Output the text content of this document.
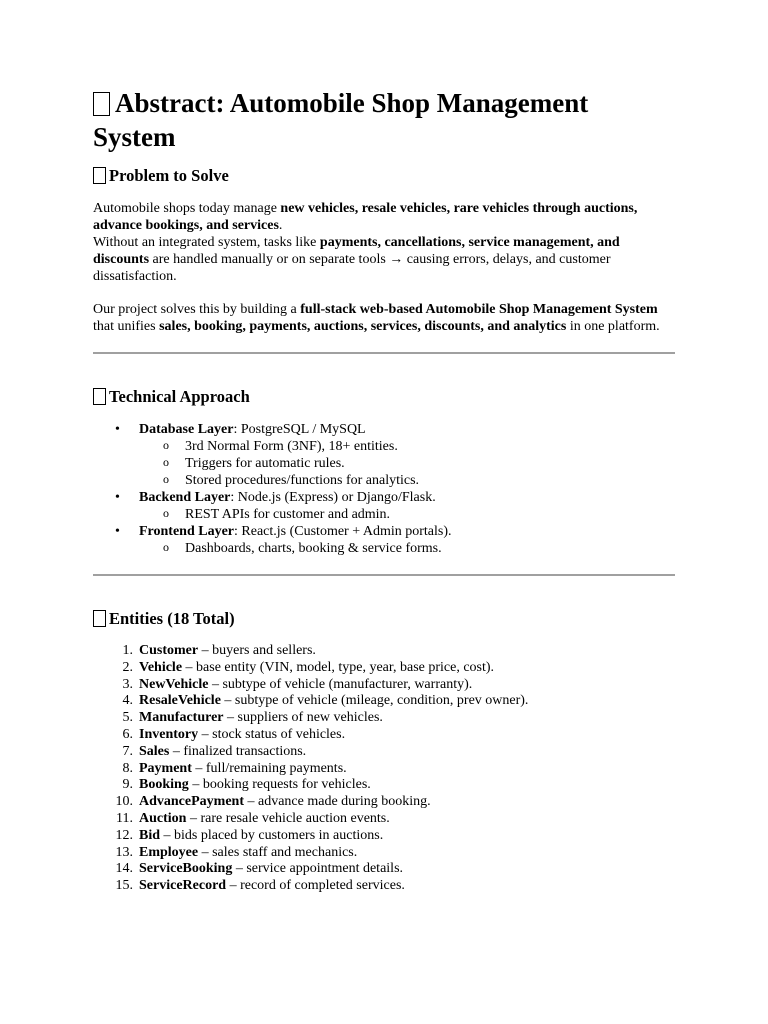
Abstract: Automobile Shop Management System
Problem to Solve

Automobile shops today manage new vehicles, resale vehicles, rare vehicles through auctions, advance bookings, and services.
Without an integrated system, tasks like payments, cancellations, service management, and discounts are handled manually or on separate tools → causing errors, delays, and customer dissatisfaction.

Our project solves this by building a full-stack web-based Automobile Shop Management System that unifies sales, booking, payments, auctions, services, discounts, and analytics in one platform.

Technical Approach
• Database Layer: PostgreSQL / MySQL
o 3rd Normal Form (3NF), 18+ entities.
o Triggers for automatic rules.
o Stored procedures/functions for analytics.
• Backend Layer: Node.js (Express) or Django/Flask.
o REST APIs for customer and admin.
• Frontend Layer: React.js (Customer + Admin portals).
o Dashboards, charts, booking & service forms.
Entities (18 Total)
1. Customer – buyers and sellers.
2. Vehicle – base entity (VIN, model, type, year, base price, cost).
3. NewVehicle – subtype of vehicle (manufacturer, warranty).
4. ResaleVehicle – subtype of vehicle (mileage, condition, prev owner).
5. Manufacturer – suppliers of new vehicles.
6. Inventory – stock status of vehicles.
7. Sales – finalized transactions.
8. Payment – full/remaining payments.
9. Booking – booking requests for vehicles.
10. AdvancePayment – advance made during booking.
11. Auction – rare resale vehicle auction events.
12. Bid – bids placed by customers in auctions.
13. Employee – sales staff and mechanics.
14. ServiceBooking – service appointment details.
15. ServiceRecord – record of completed services.
